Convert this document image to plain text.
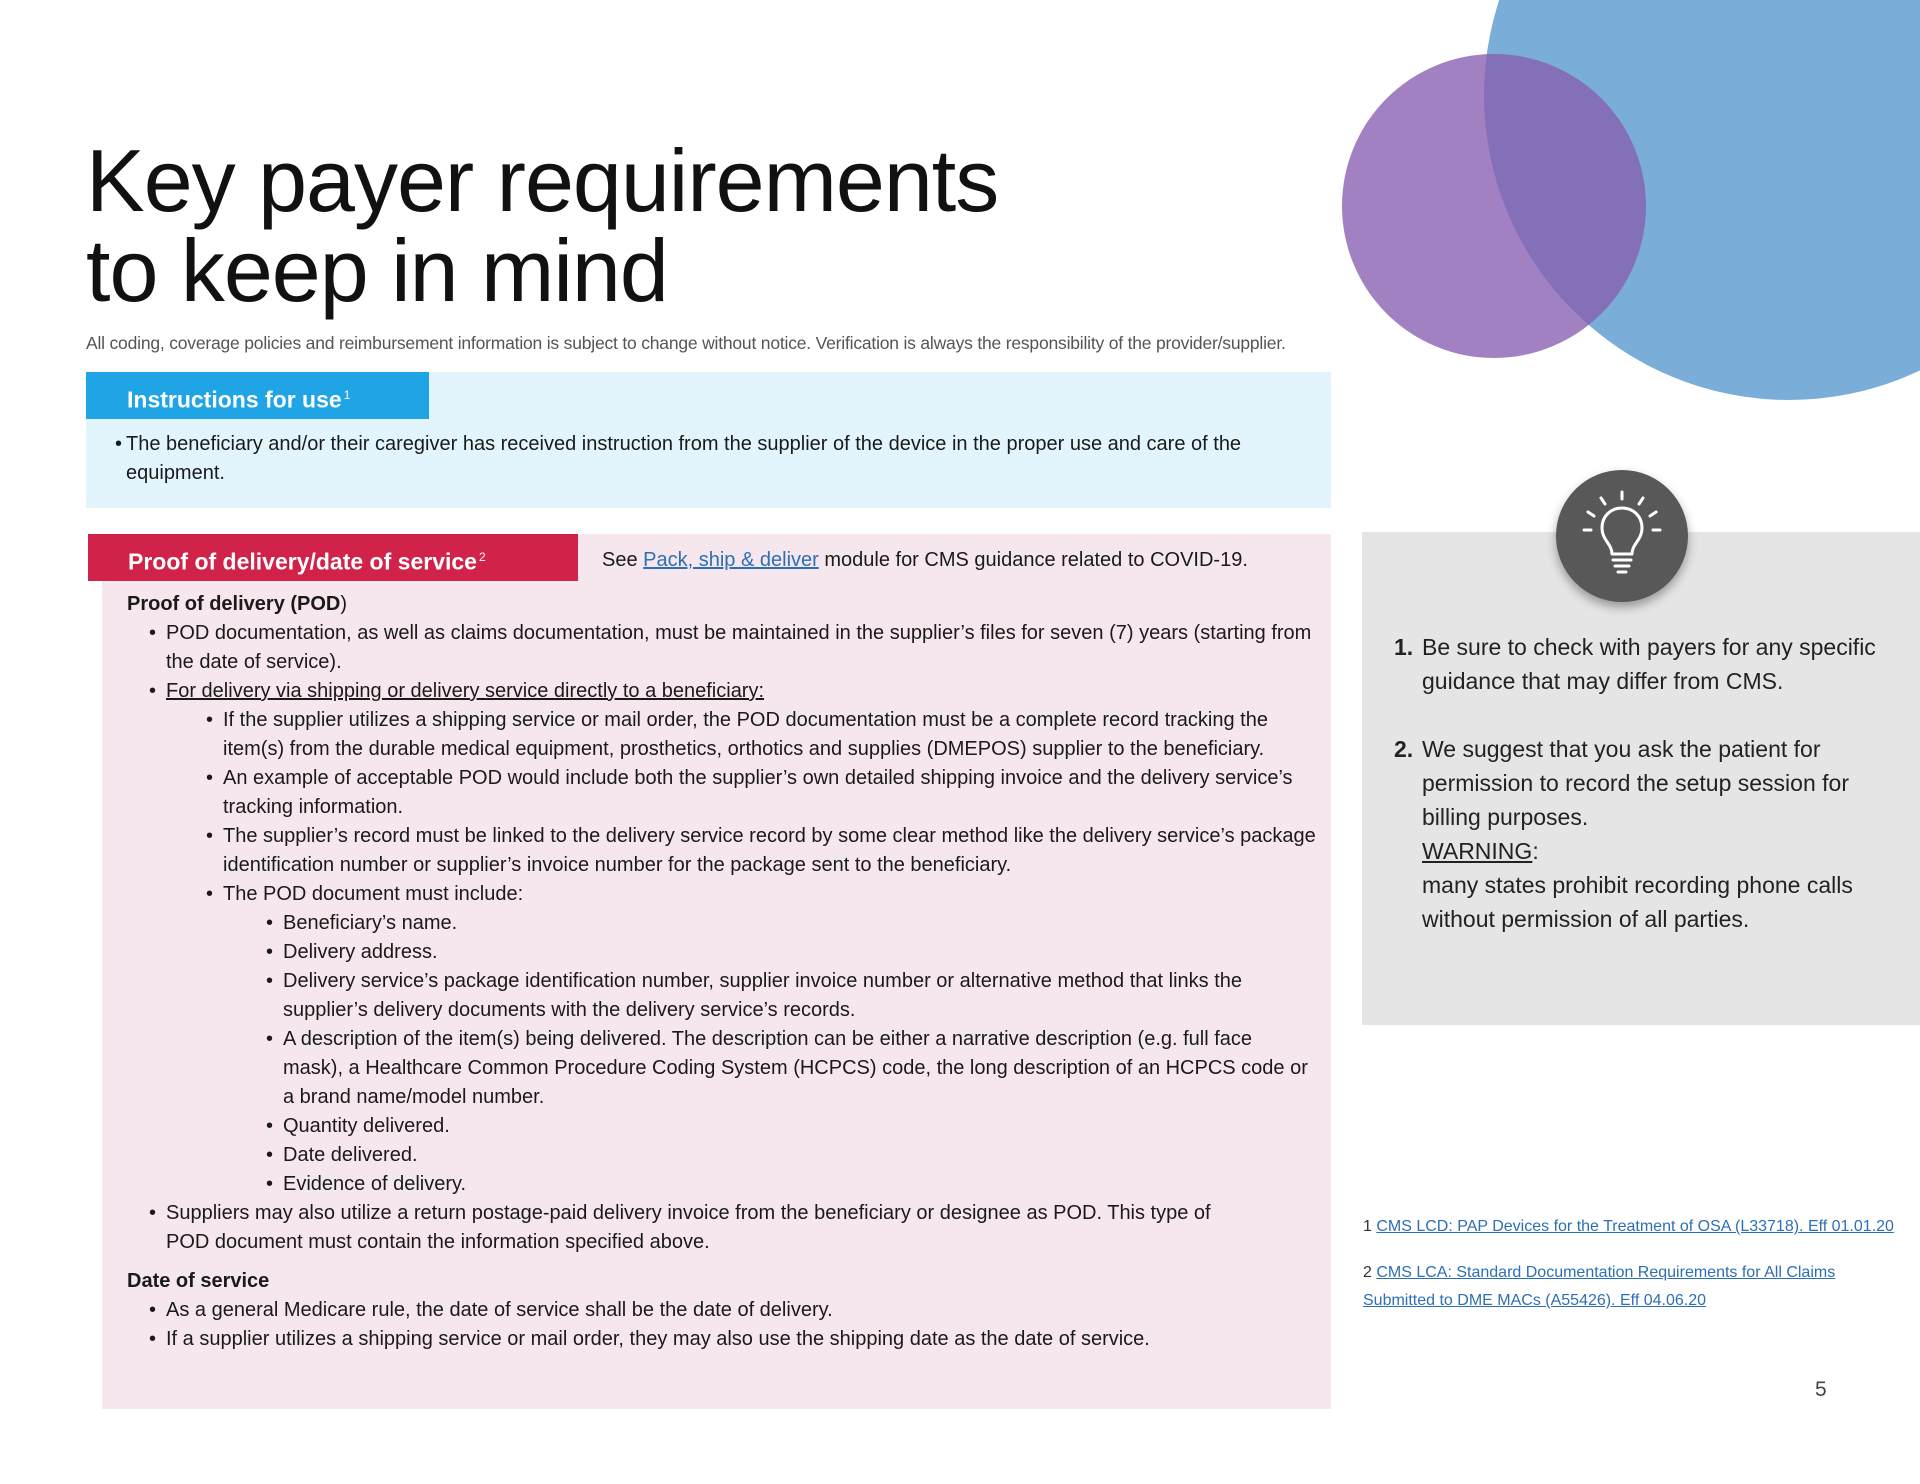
Key payer requirements
to keep in mind
All coding, coverage policies and reimbursement information is subject to change without notice. Verification is always the responsibility of the provider/supplier.
Instructions for use $^1$
• The beneficiary and/or their caregiver has received instruction from the supplier of the device in the proper use and care of the equipment.
Proof of delivery/date of service $^2$	See Pack, ship & deliver module for CMS guidance related to COVID-19.
Proof of delivery (POD)
• POD documentation, as well as claims documentation, must be maintained in the supplier’s files for seven (7) years (starting from the date of service).
• For delivery via shipping or delivery service directly to a beneficiary:
• If the supplier utilizes a shipping service or mail order, the POD documentation must be a complete record tracking the item(s) from the durable medical equipment, prosthetics, orthotics and supplies (DMEPOS) supplier to the beneficiary.
• An example of acceptable POD would include both the supplier’s own detailed shipping invoice and the delivery service’s tracking information.
• The supplier’s record must be linked to the delivery service record by some clear method like the delivery service’s package identification number or supplier’s invoice number for the package sent to the beneficiary.
• The POD document must include:
• Beneficiary’s name.
• Delivery address.
• Delivery service’s package identification number, supplier invoice number or alternative method that links the supplier’s delivery documents with the delivery service’s records.
• A description of the item(s) being delivered. The description can be either a narrative description (e.g. full face mask), a Healthcare Common Procedure Coding System (HCPCS) code, the long description of an HCPCS code or a brand name/model number.
• Quantity delivered.
• Date delivered.
• Evidence of delivery.
• Suppliers may also utilize a return postage-paid delivery invoice from the beneficiary or designee as POD. This type of POD document must contain the information specified above.
Date of service
• As a general Medicare rule, the date of service shall be the date of delivery.
• If a supplier utilizes a shipping service or mail order, they may also use the shipping date as the date of service.
1. Be sure to check with payers for any specific guidance that may differ from CMS.
2. We suggest that you ask the patient for permission to record the setup session for billing purposes.
WARNING:
many states prohibit recording phone calls without permission of all parties.
1 CMS LCD: PAP Devices for the Treatment of OSA (L33718). Eff 01.01.20
2 CMS LCA: Standard Documentation Requirements for All Claims Submitted to DME MACs (A55426). Eff 04.06.20
5
